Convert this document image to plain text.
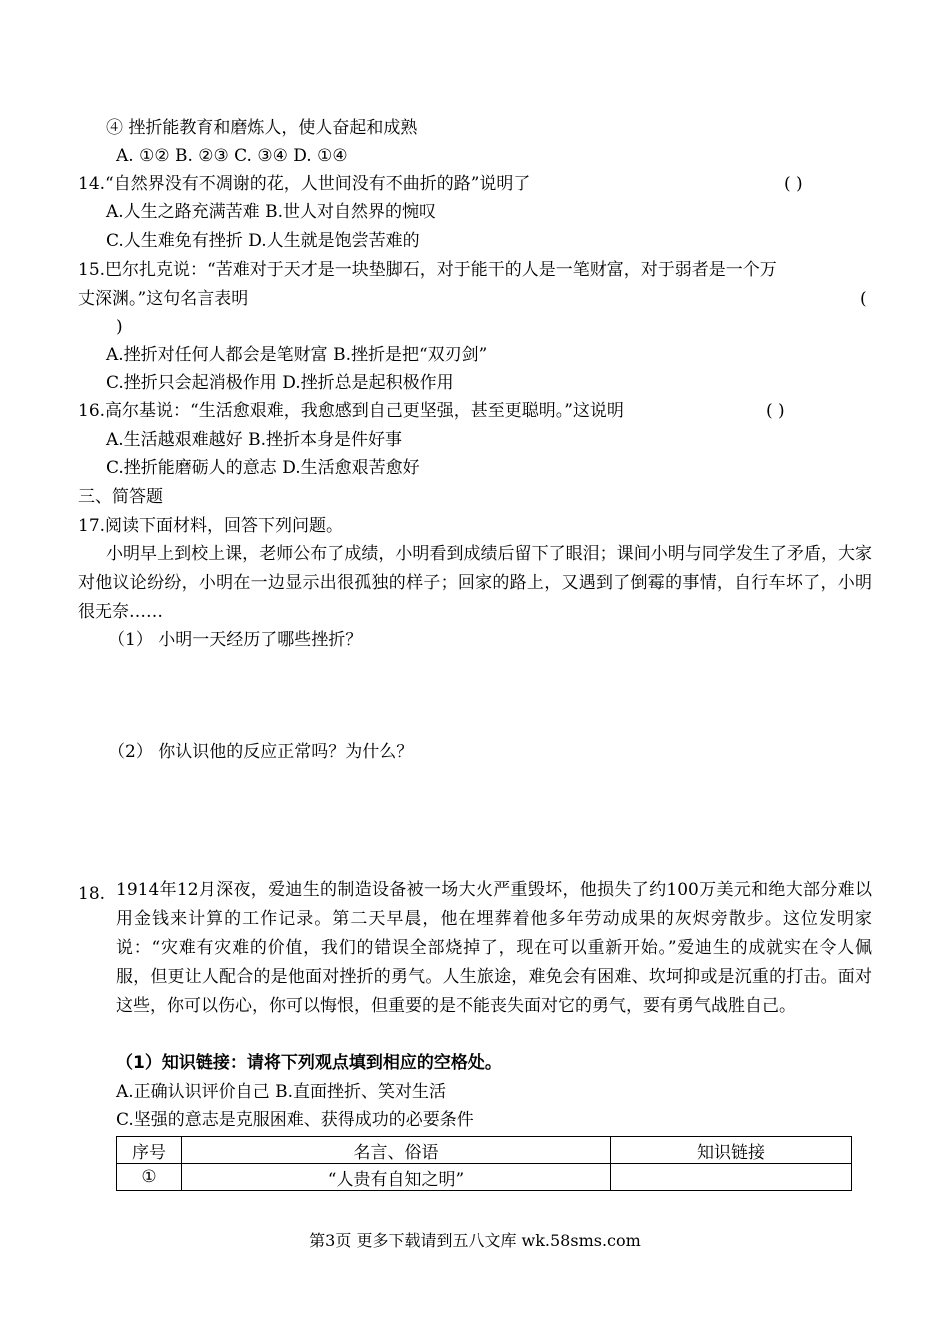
④ 挫折能教育和磨炼人，使人奋起和成熟
A. ①② B. ②③ C. ③④ D. ①④
14.“自然界没有不凋谢的花，人世间没有不曲折的路”说明了	( )
A.人生之路充满苦难 B.世人对自然界的惋叹
C.人生难免有挫折 D.人生就是饱尝苦难的
15.巴尔扎克说：“苦难对于天才是一块垫脚石，对于能干的人是一笔财富，对于弱者是一个万
丈深渊。”这句名言表明	(
)
A.挫折对任何人都会是笔财富 B.挫折是把“双刃剑”
C.挫折只会起消极作用 D.挫折总是起积极作用
16.高尔基说：“生活愈艰难，我愈感到自己更坚强，甚至更聪明。”这说明	( )
A.生活越艰难越好 B.挫折本身是件好事
C.挫折能磨砺人的意志 D.生活愈艰苦愈好
三、简答题
17.阅读下面材料，回答下列问题。
小明早上到校上课，老师公布了成绩，小明看到成绩后留下了眼泪；课间小明与同学发生了矛盾，大家对他议论纷纷，小明在一边显示出很孤独的样子；回家的路上，又遇到了倒霉的事情，自行车坏了，小明很无奈……
（1） 小明一天经历了哪些挫折？
（2） 你认识他的反应正常吗？为什么？
18. 1914年12月深夜，爱迪生的制造设备被一场大火严重毁坏，他损失了约100万美元和绝大部分难以用金钱来计算的工作记录。第二天早晨，他在埋葬着他多年劳动成果的灰烬旁散步。这位发明家说：“灾难有灾难的价值，我们的错误全部烧掉了，现在可以重新开始。”爱迪生的成就实在令人佩服，但更让人配合的是他面对挫折的勇气。人生旅途，难免会有困难、坎坷抑或是沉重的打击。面对这些，你可以伤心，你可以悔恨，但重要的是不能丧失面对它的勇气，要有勇气战胜自己。
（1）知识链接：请将下列观点填到相应的空格处。
A.正确认识评价自己 B.直面挫折、笑对生活
C.坚强的意志是克服困难、获得成功的必要条件
序号	名言、俗语	知识链接
①	“人贵有自知之明”	
第3页 更多下载请到五八文库 wk.58sms.com
